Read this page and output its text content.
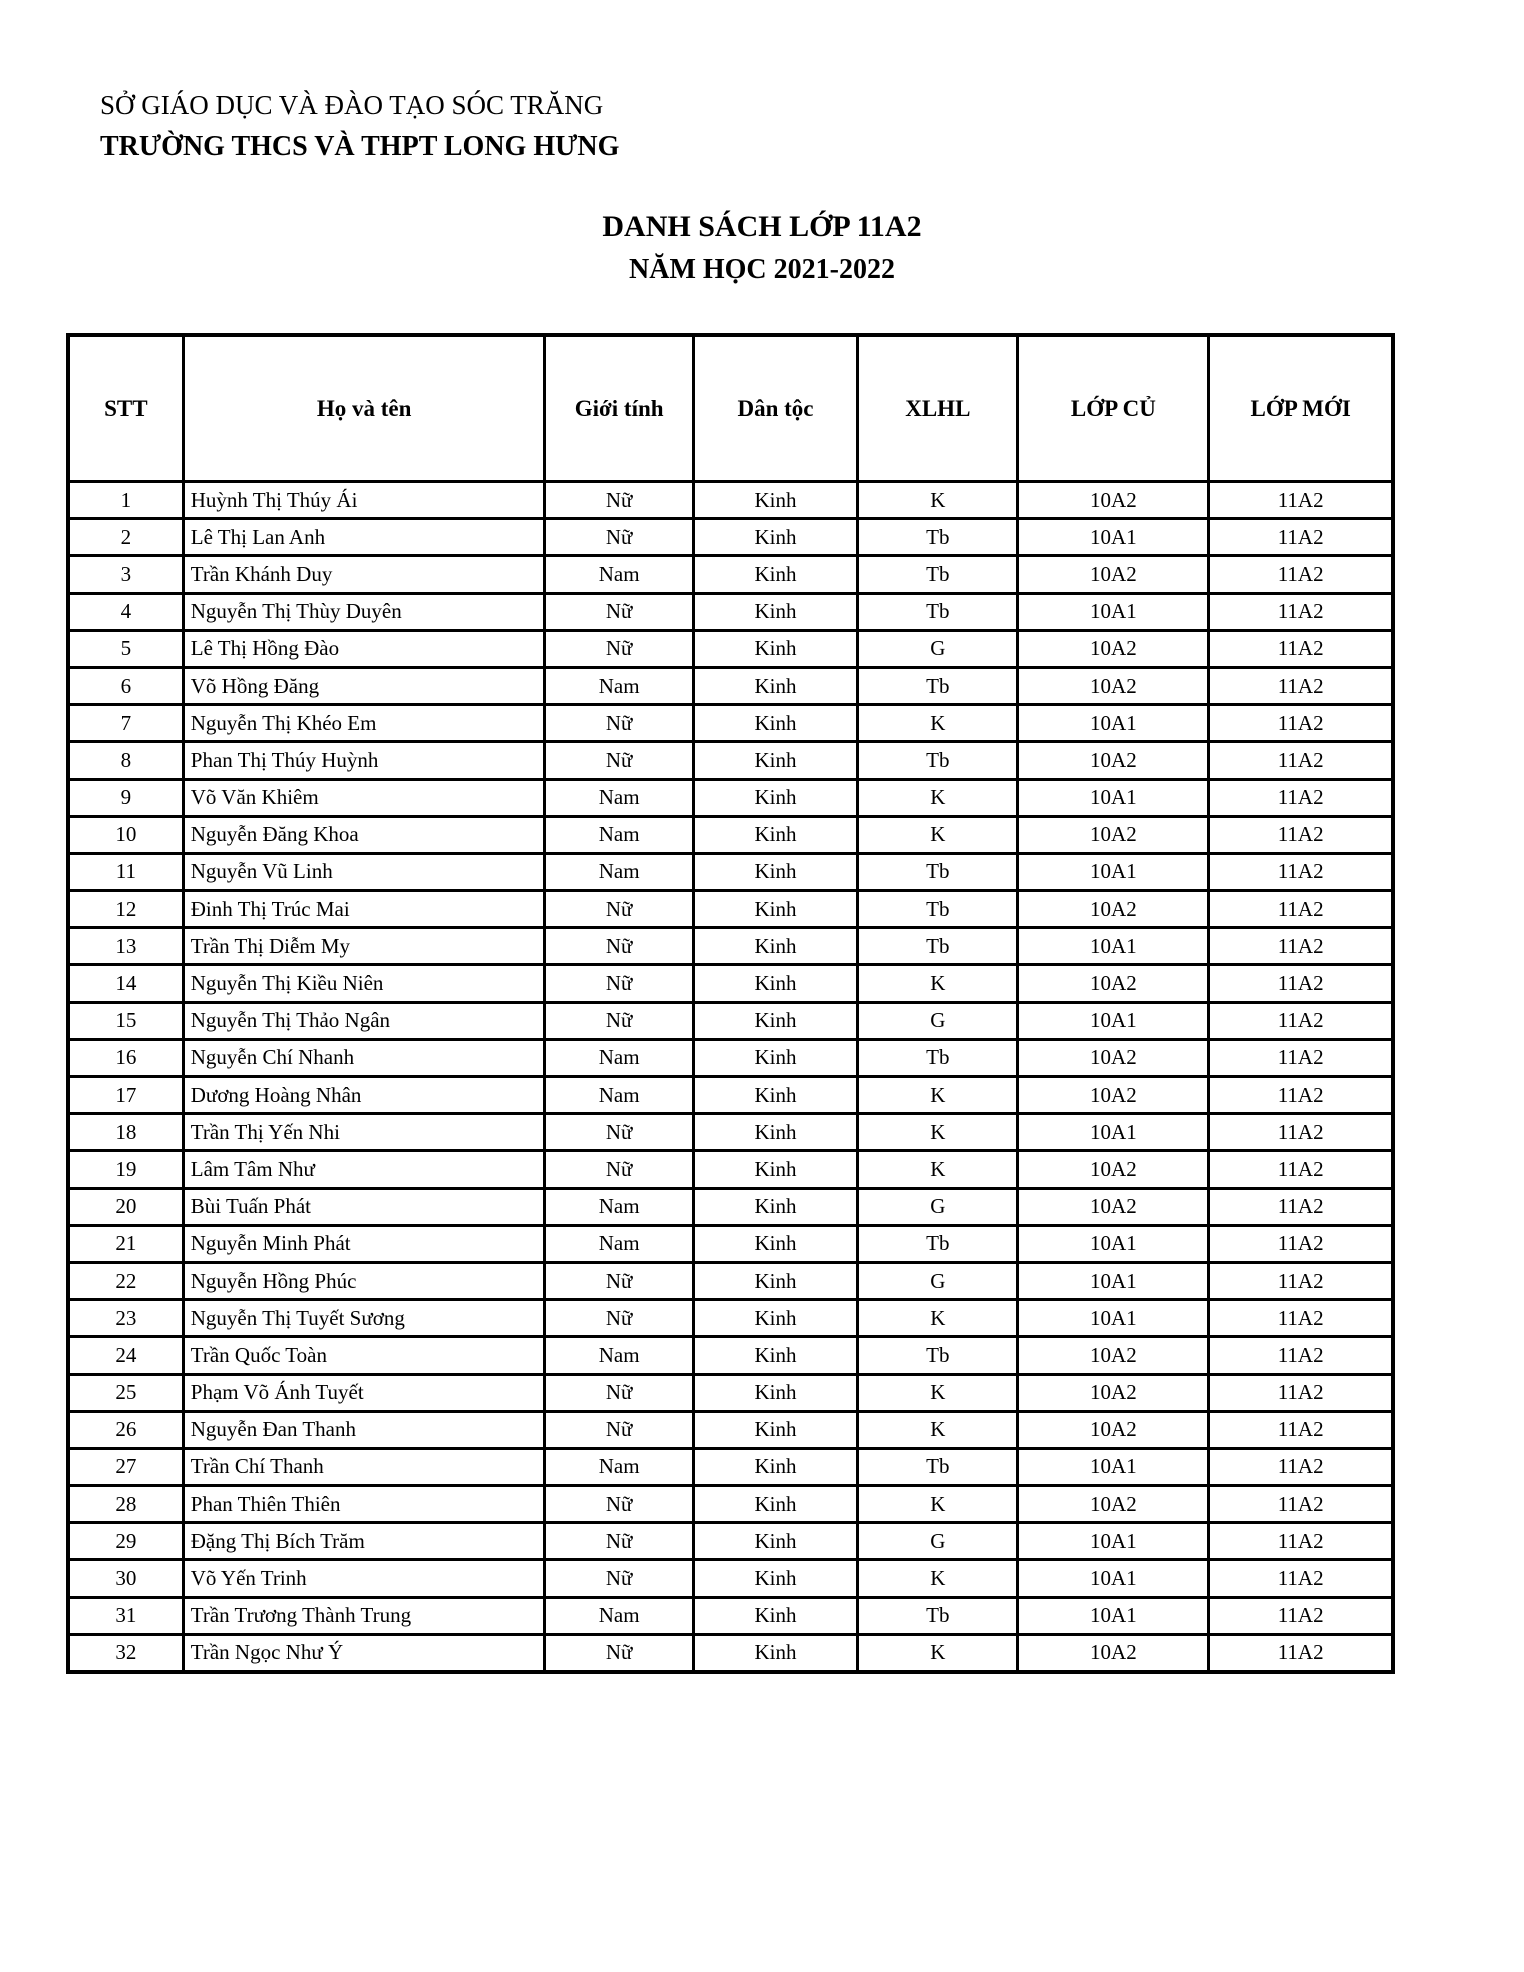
SỞ GIÁO DỤC VÀ ĐÀO TẠO SÓC TRĂNG
TRƯỜNG THCS VÀ THPT LONG HƯNG
DANH SÁCH LỚP 11A2
NĂM HỌC 2021-2022
STT	Họ và tên	Giới tính	Dân tộc	XLHL	LỚP CỦ	LỚP MỚI
1	Huỳnh Thị Thúy Ái	Nữ	Kinh	K	10A2	11A2
2	Lê Thị Lan Anh	Nữ	Kinh	Tb	10A1	11A2
3	Trần Khánh Duy	Nam	Kinh	Tb	10A2	11A2
4	Nguyễn Thị Thùy Duyên	Nữ	Kinh	Tb	10A1	11A2
5	Lê Thị Hồng Đào	Nữ	Kinh	G	10A2	11A2
6	Võ Hồng Đăng	Nam	Kinh	Tb	10A2	11A2
7	Nguyễn Thị Khéo Em	Nữ	Kinh	K	10A1	11A2
8	Phan Thị Thúy Huỳnh	Nữ	Kinh	Tb	10A2	11A2
9	Võ Văn Khiêm	Nam	Kinh	K	10A1	11A2
10	Nguyễn Đăng Khoa	Nam	Kinh	K	10A2	11A2
11	Nguyễn Vũ Linh	Nam	Kinh	Tb	10A1	11A2
12	Đinh Thị Trúc Mai	Nữ	Kinh	Tb	10A2	11A2
13	Trần Thị Diễm My	Nữ	Kinh	Tb	10A1	11A2
14	Nguyễn Thị Kiều Niên	Nữ	Kinh	K	10A2	11A2
15	Nguyễn Thị Thảo Ngân	Nữ	Kinh	G	10A1	11A2
16	Nguyễn Chí Nhanh	Nam	Kinh	Tb	10A2	11A2
17	Dương Hoàng Nhân	Nam	Kinh	K	10A2	11A2
18	Trần Thị Yến Nhi	Nữ	Kinh	K	10A1	11A2
19	Lâm Tâm Như	Nữ	Kinh	K	10A2	11A2
20	Bùi Tuấn Phát	Nam	Kinh	G	10A2	11A2
21	Nguyễn Minh Phát	Nam	Kinh	Tb	10A1	11A2
22	Nguyễn Hồng Phúc	Nữ	Kinh	G	10A1	11A2
23	Nguyễn Thị Tuyết Sương	Nữ	Kinh	K	10A1	11A2
24	Trần Quốc Toàn	Nam	Kinh	Tb	10A2	11A2
25	Phạm Võ Ánh Tuyết	Nữ	Kinh	K	10A2	11A2
26	Nguyễn Đan Thanh	Nữ	Kinh	K	10A2	11A2
27	Trần Chí Thanh	Nam	Kinh	Tb	10A1	11A2
28	Phan Thiên Thiên	Nữ	Kinh	K	10A2	11A2
29	Đặng Thị Bích Trăm	Nữ	Kinh	G	10A1	11A2
30	Võ Yến Trinh	Nữ	Kinh	K	10A1	11A2
31	Trần Trương Thành Trung	Nam	Kinh	Tb	10A1	11A2
32	Trần Ngọc Như Ý	Nữ	Kinh	K	10A2	11A2
